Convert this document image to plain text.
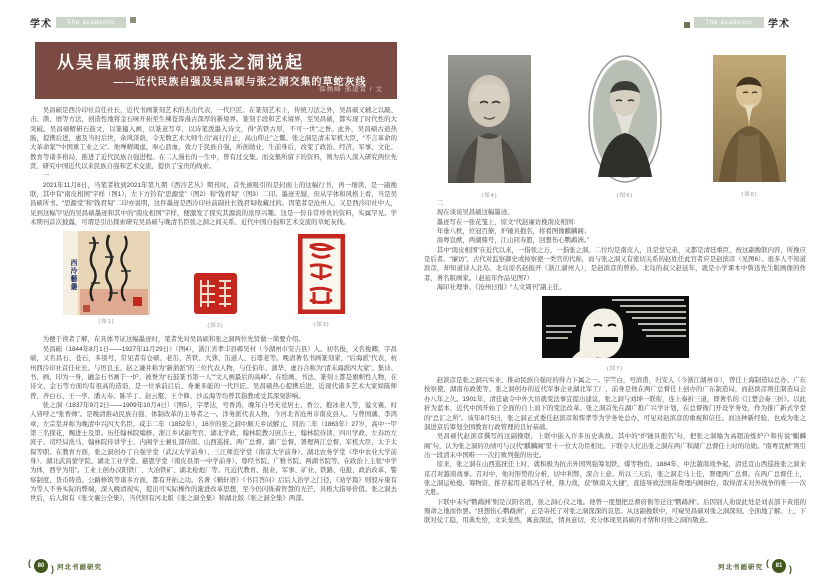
学术	The academic
从吴昌硕撰联代挽张之洞说起
——近代民族自强及吴昌硕与张之洞交集的草蛇灰线
韩焕峰 邢凌霄 / 文

吴昌硕是西泠印社首任社长，近代书画篆刻艺术的杰出代表，一代巨匠。在篆刻艺术上，传统刀法之外，吴昌硕又辅之以敲、击、凿、磨等方法，创造性地将金石味开拓至生辣苍浑漫古深厚的新境界。篆刻手段和艺术境界，至吴昌硕，都实现了时代性的大突破。吴昌硕精研石鼓文，以篆籀入画，以篆意写草，以诗笔泼墨入诗文，得“苦铁古厚，不可一世”之誉。此外，吴昌硕古道热肠，提携后进，惠及当时后世，余风泽荫，令无数艺术大师生出“高行行止，高山仰止”之慨。张之洞是清末军机大臣，“不言革命的大革命家”“中国重工业之父”。他殚精竭虑，呕心沥血，致力于民族自强，所创勋业，生前身后，改变了政治、经济、军事、文化、教育等诸多格局，推进了近代民族自强进程。在二人漫长的一生中，曾有过交集。而交集所留下的资料，则为后人深入研究两位先贤、研究中国近代以来民族自强和艺术交流，提供了宝贵的线索。

一

2021年11月8日，当笔者收到2021年第九期《西泠艺丛》期刊时，首先被吸引的是封面上的这幅行书，再一细读，是一副挽联，其中有“南皮相国”字样（图1），左下方钤有“思源堂”（图2）和“钱君匋”（图3）二印。墨迹无疑，但从字体和风格上看，当是吴昌硕所书。“思源堂”和“钱君匋”二印亦说明，这件墨迹是西泠印社前副社长钱君匋收藏过的。因笔者是沧州人，又是西泠印社中人，见到这幅罕见的吴昌硕墨迹和其中的“南皮相国”字样，便激发了探究其源流的浓厚兴趣。这是一份非常珍贵的资料，实属罕见。学术期刊首次披露，可谓是引出探索研究吴昌硕与晚清名臣张之洞之间关系、近代中国自强和艺术交流的草蛇灰线。

西泠藝叢
(图1)
(图2)	(图3)

为便于读者了解，在具体考证这幅墨迹时，笔者先对吴昌硕和张之洞两位先贤做一简要介绍。

吴昌硕（1844年8月1日——1927年11月29日）（图4），浙江省孝丰县鄣吴村（今湖州市安吉县）人。初名俊，又名俊卿，字昌硕，又名昌石、苍石，多别号，常见者有仓硕、老缶、苦铁、大聋、缶道人、石尊老等。晚清著名书画篆刻家，“后海派”代表，杭州西泠印社首任社长。与厉良玉、赵之谦并称为“新浙派”的三位代表人物，与任伯年、蒲华、虚谷合称为“清末海派四大家”。集诗、书、画、印为一身，融金石书画于一炉，被誉为“石鼓篆书第一人”“文人画最后的高峰”。在绘画、书法、篆刻上都是旗帜性人物，在诗文、金石等方面均有很高的造诣，是一位承前启后、身兼多能的一代巨匠。吴昌硕热心提携后进，近现代诸多艺术大家如陈师曾、齐白石、王一亭、潘天寿、陈半丁、赵云壑、王个簃、沙孟海等均曾其指教或受其深刻影响。

张之洞（1837年9月2日——1909年10月4日）（图5），字孝达，号香涛，晚年自号无竞居士、香公、抱冰老人等，谥文襄，时人皆呼之“张香帅”。是晚清推动民族自强、体制改革的主导者之一。洋务派代表人物，今河北省沧州市南皮县人。与曾国藩、李鸿章、左宗棠并称为晚清中兴四大名臣。咸丰二年（1852年），16岁的张之洞中顺天乡试解元，同治二年（1863年）27岁，高中一甲第三名探花，赐进士及第。历任翰林院编修、浙江乡试副考官、湖北学政、翰林院教习庶吉士、翰林院侍读、四川学政、左春坊左庶子、司经局洗马、翰林院侍讲学士、内阁学士兼礼部侍郎、山西巡抚、两广总督、湖广总督、署理两江总督、军机大臣、太子太保等职。在教育方面，张之洞创办了自强学堂（武汉大学前身）、三江师范学堂（南京大学前身）、湖北农务学堂（华中农业大学前身）、湖北武昌蒙学院、湖北工业学堂、慈恩学堂（南皮县第一中学前身）、尊经书院、广雅书院、两湖书院等。在政治上主张“中学为体，西学为用”。工业上创办汉阳铁厂、大冶铁矿、湖北枪炮厂等。凡近代教育、报业、军事、矿业、铁路、电报、政治改革、警察制度、货币铸造、公路修筑等诸多方面，都有开拓之功。名著《輶轩语》《书目答问》启后人治学之门径，《劝学篇》则驳斥康有为等人不务实际的弊端，深入晚清现实，提出可实际操作的渐进改革思想，至今仍闪烁着智慧的光芒，具极大指导价值。张之洞去世后，后人辑有《张文襄公全集》，当代则有河北版《张之洞全集》和湖北版《张之洞全集》两部。

(	80 ) 河北书画研究
The academic	学术
(图4)	(图5)	(图6)

二

现在谈谈吴昌硕这幅墨迹。

墨迹写在一张花笺上，原文“代赵廉访挽南皮相国：

年垂八秩，位冠百僚，炉锤具抱名，将看图像麒麟阁；

南粤宣猷，两湖鼎号，江山同寿愿，回想伤心鹦鹉洲。”

其中“南皮相国”在近代以来，一指张之万，一指张之洞。二位均是南皮人，且是堂兄弟，又都是清廷重臣，按这副挽联内容，所挽应是后者。“廉访”，古代对监察御史或按察使一类官的代称，而与张之洞又有密切关系的赵姓任此官者应是赵滨彦（见图6）。很多人不知道滨彦，却知道诗人北岛。北岛原名赵振开（浙江湖州人），是赵滨彦的曾孙。北岛的叔父赵延年，就是小学课本中鲁迅先生版画像的作者，著名版画家。（赵延年作品见图7）

海印社理事、《沧州日报》“人文周刊”副主任。

(图7)

赵滨彦是张之洞兴实业、推动民族自强时的得力下属之一。字竺白，号滨甫，归安人（今浙江湖州市），曾任上海制造局总办、广东按察使、湖南布政使等。张之洞创办的近代军事企业湖北军工厂，前身是他在两广总督任上创办的广东制造局，而赵滨彦则任制造局会办八年之久。1901年，清廷谕令中外大员就变法事宜提出建议，张之洞与刘坤一联衔，连上奏折三道，即著名的《江楚会奏三折》。以此折为蓝本，近代中国开始了全面的自上而下的变法改革。张之洞首先在湖广推广兴学计划，在总督衙门开设学务处，作为推广新式学堂的“总汇之所”。该年8月5日，张之洞正式委任赵滨彦和恽孝等为学务处总办，可见对赵滨彦的重视和信任。而这种新经验，也成为张之洞进京后筹划全国教育行政管理的良好基础。

吴昌硕代赵滨彦撰写的这副挽联，上联中嵌入许多历史典故。其中的“炉锤具抱名”句，把张之洞喻为高超冶炼炉户和传说“麒麟阁”句，认为张之洞的功绩可与汉代“麒麟阁”里十一位大功臣相比。下联令人忆出张之洞在两广和湖广总督任上时的功勋。“南粤宣猷”则引出一段清末中国唯一一次打败列强的历史。

原来，张之洞在山西巡抚任上时，就积极为抗击外国列强筹划铁、煤等物资。1884年，中法越南战争起，清廷宣山西巡抚张之洞来京召对越南战事。召对中，他对形势的分析，切中利弊，深合上意。所以三天后，张之洞走马上任，署理两广总督。在两广总督任上，张之洞运枪炮、筹物资、推荐起用老将冯子材，鼎力战，获“镇南关大捷”，直接导致法国茹费理内阁倒台，取得清末对外战争的唯一一次大胜。

下联中末句“鹦鹉洲”则是汉阳名胜，张之洞心仪之地。他曾一度想把总督府衙等迁往“鹦鹉洲”。后因别人劝说此处是刘表部下黄祖的殒命之地而作罢。“回想伤心鹦鹉洲”，正是寄托了对张之洞深深的哀思。从这副挽联中，可窥吴昌硕对张之洞深刻、全面地了解。上、下联对仗工稳，用典允恰，文采斐然，寓意深远，情真意切，充分体现吴昌硕的才情和对张之洞的敬意。

河北书画研究 (	81 )
